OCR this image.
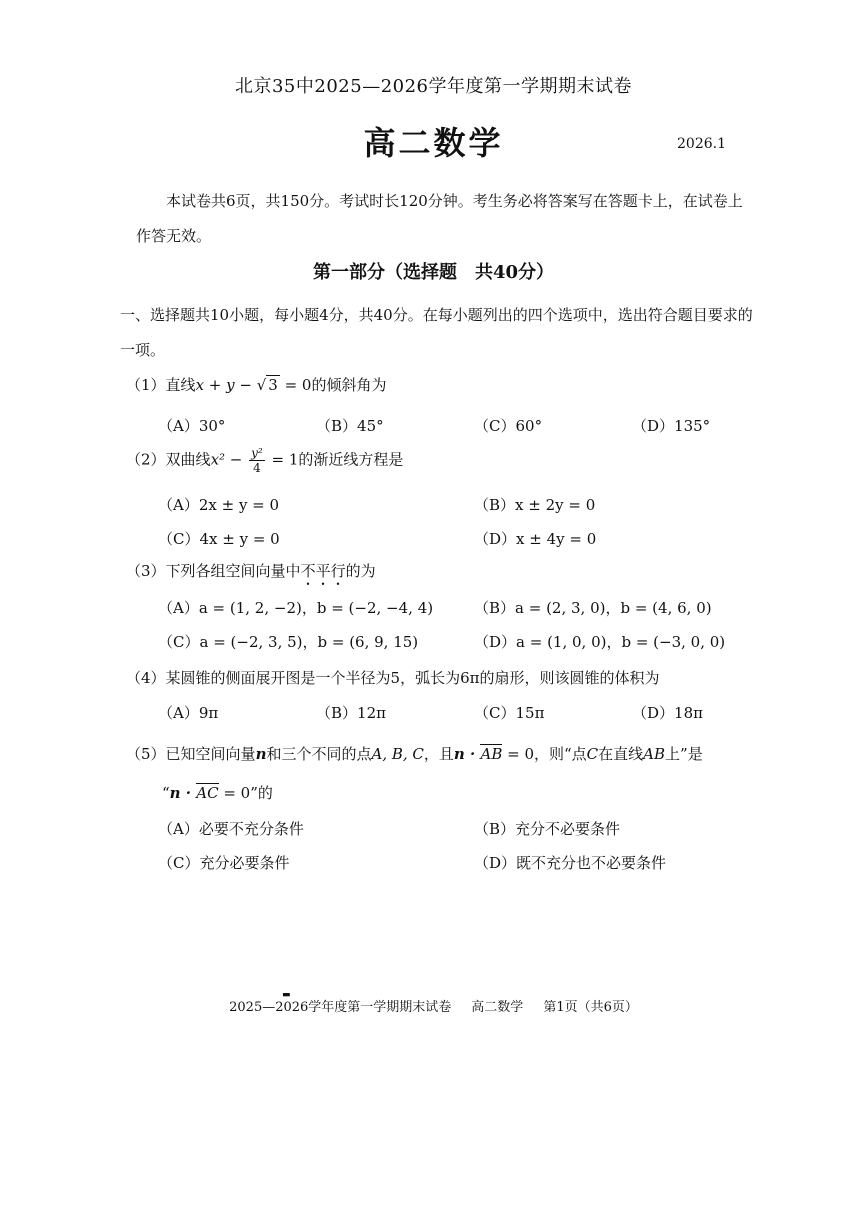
北京35中2025—2026学年度第一学期期末试卷
高二数学	2026.1
本试卷共6页，共150分。考试时长120分钟。考生务必将答案写在答题卡上，在试卷上作答无效。
第一部分（选择题　共40分）
一、选择题共10小题，每小题4分，共40分。在每小题列出的四个选项中，选出符合题目要求的一项。
（1）直线x + y − √ 3 = 0的倾斜角为
（A）30°	（B）45°	（C）60°	（D）135°
（2）双曲线$x^2 - \frac{\text{y²}}{4} = 1$的渐近线方程是
（A）2x ± y = 0	（B）x ± 2y = 0
（C）4x ± y = 0	（D）x ± 4y = 0
（3）下列各组空间向量中不平行的为
（A）a = (1, 2, −2)，b = (−2, −4, 4)	（B）a = (2, 3, 0)，b = (4, 6, 0)
（C）a = (−2, 3, 5)，b = (6, 9, 15)	（D）a = (1, 0, 0)，b = (−3, 0, 0)
（4）某圆锥的侧面展开图是一个半径为5，弧长为6π的扇形，则该圆锥的体积为
（A）9π	（B）12π	（C）15π	（D）18π
（5）已知空间向量n和三个不同的点A, B, C，且n · AB = 0，则“点C在直线AB上”是
“n · AC = 0”的
（A）必要不充分条件	（B）充分不必要条件
（C）充分必要条件	（D）既不充分也不必要条件
▬
2025—2026学年度第一学期期末试卷 高二数学 第1页（共6页）
